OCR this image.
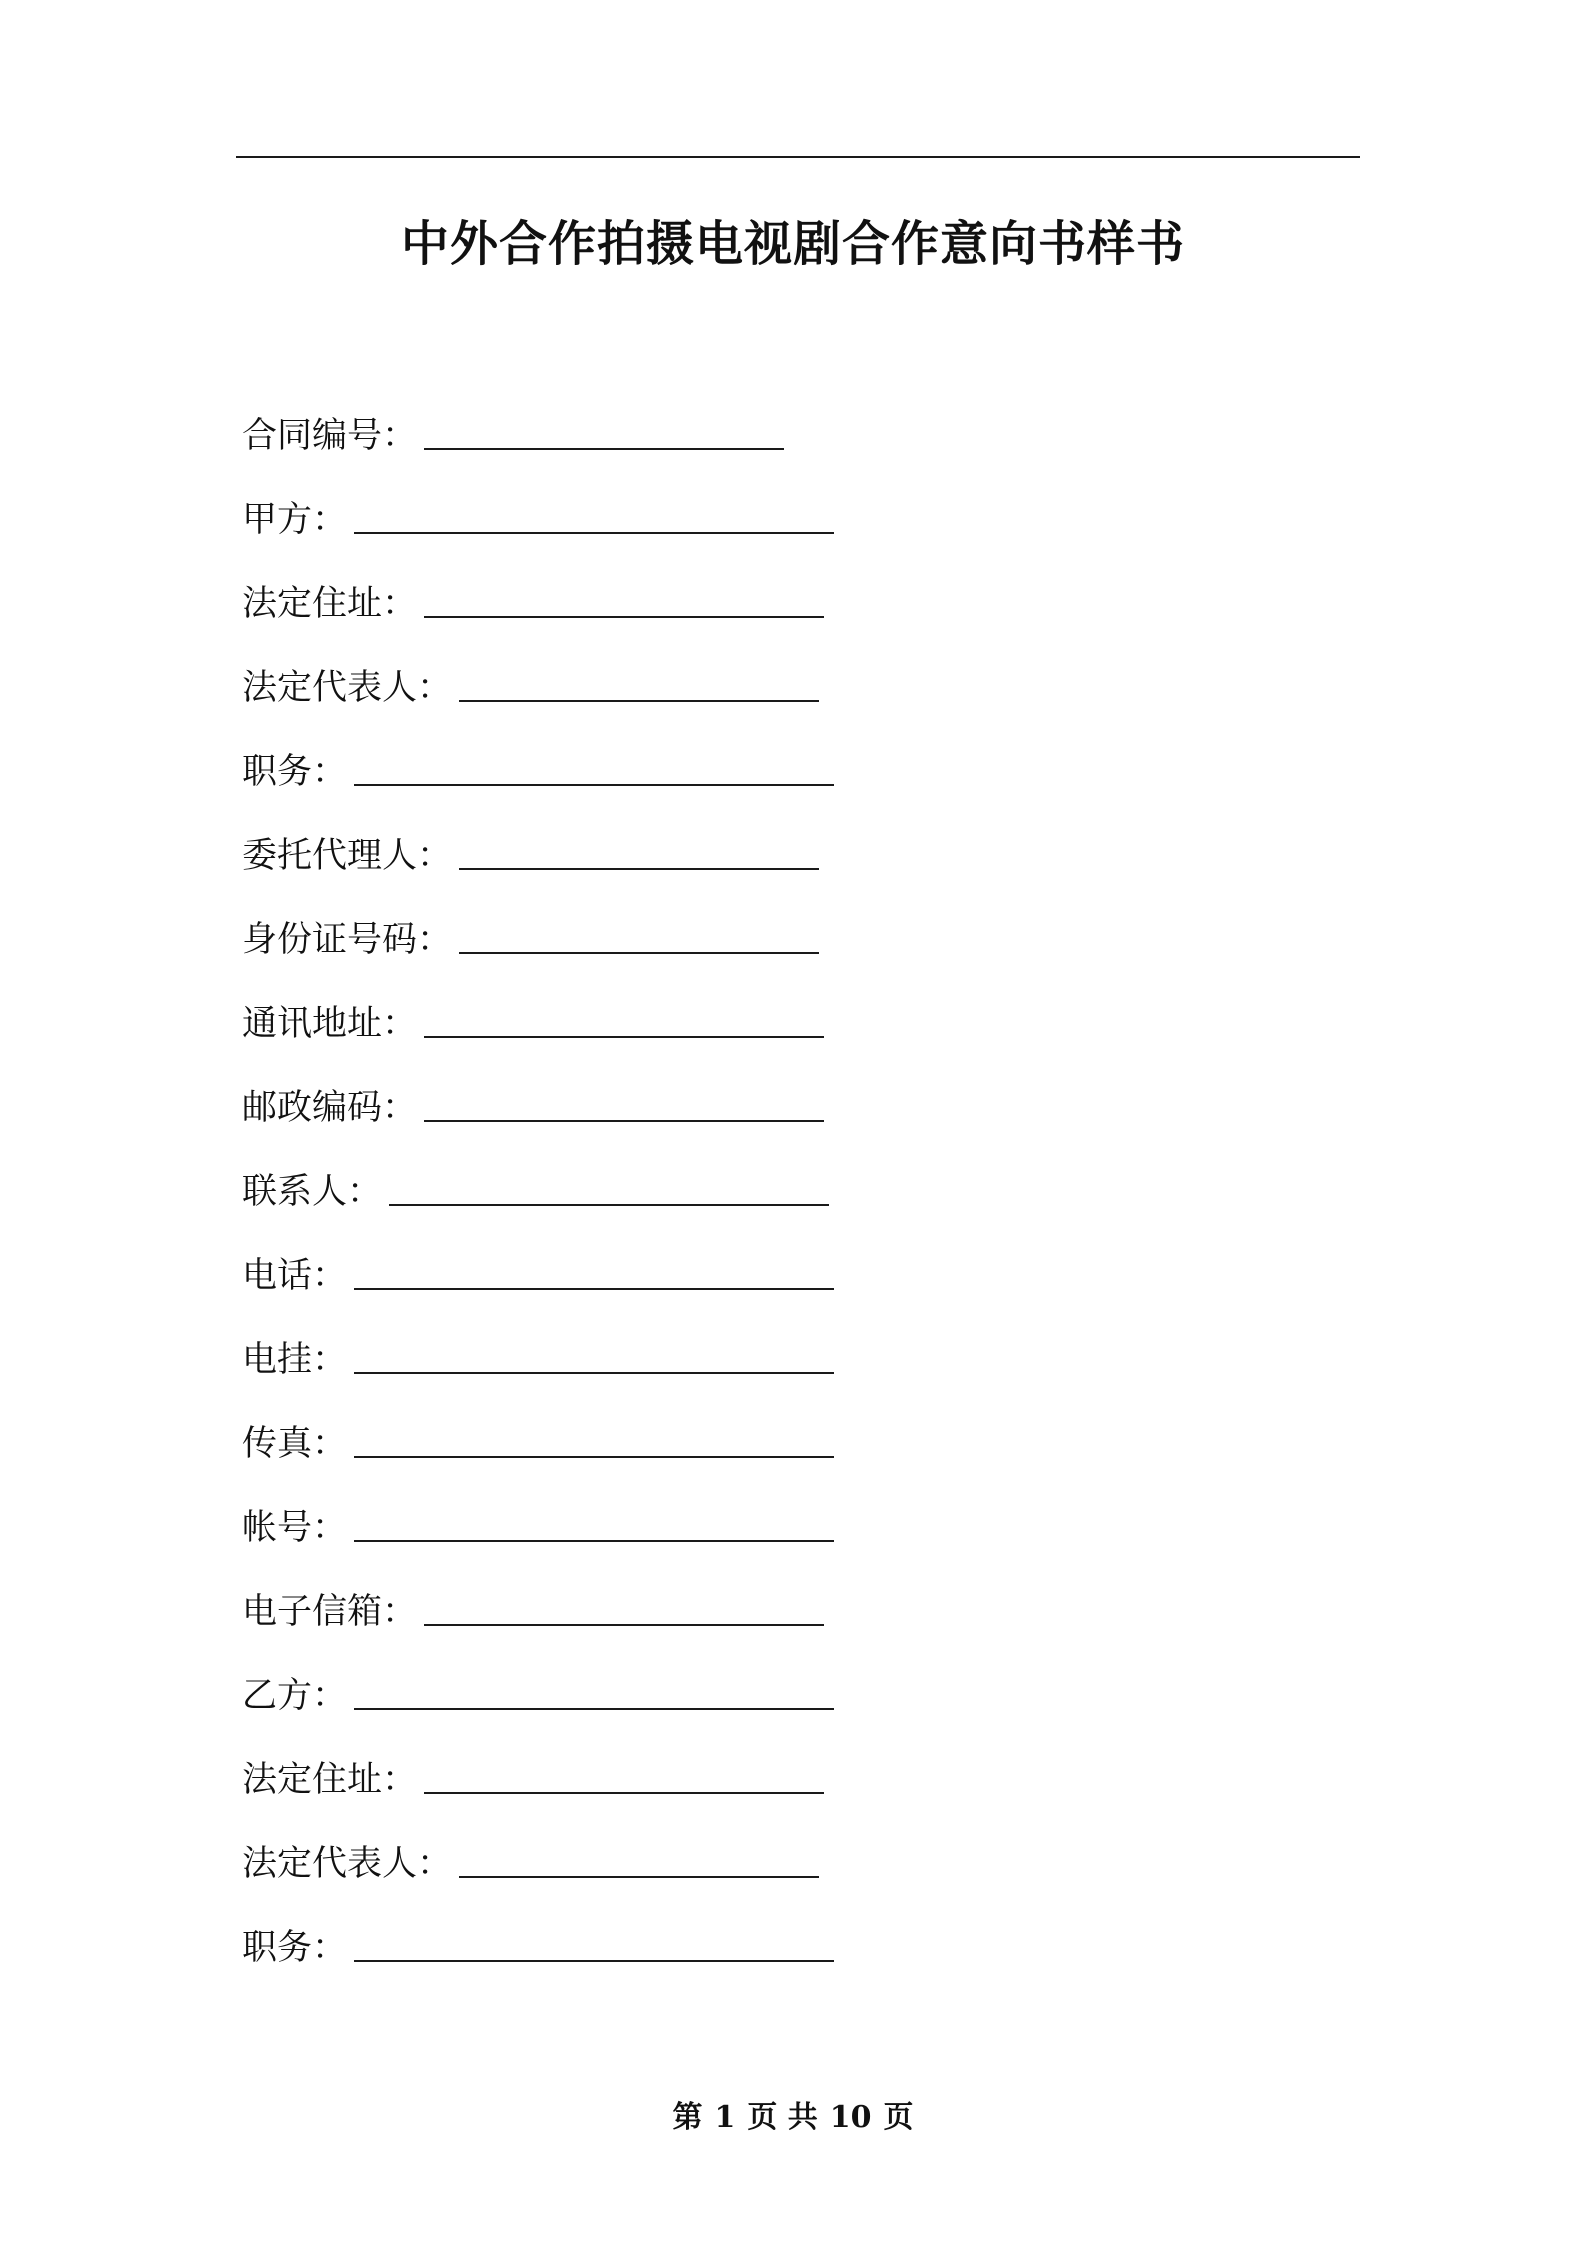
中外合作拍摄电视剧合作意向书样书
合同编号 ：
甲方 ：
法定住址 ：
法定代表人 ：
职务 ：
委托代理人 ：
身份证号码 ：
通讯地址 ：
邮政编码 ：
联系人 ：
电话 ：
电挂 ：
传真 ：
帐号 ：
电子信箱 ：
乙方 ：
法定住址 ：
法定代表人 ：
职务 ：
第 1 页 共 10 页
